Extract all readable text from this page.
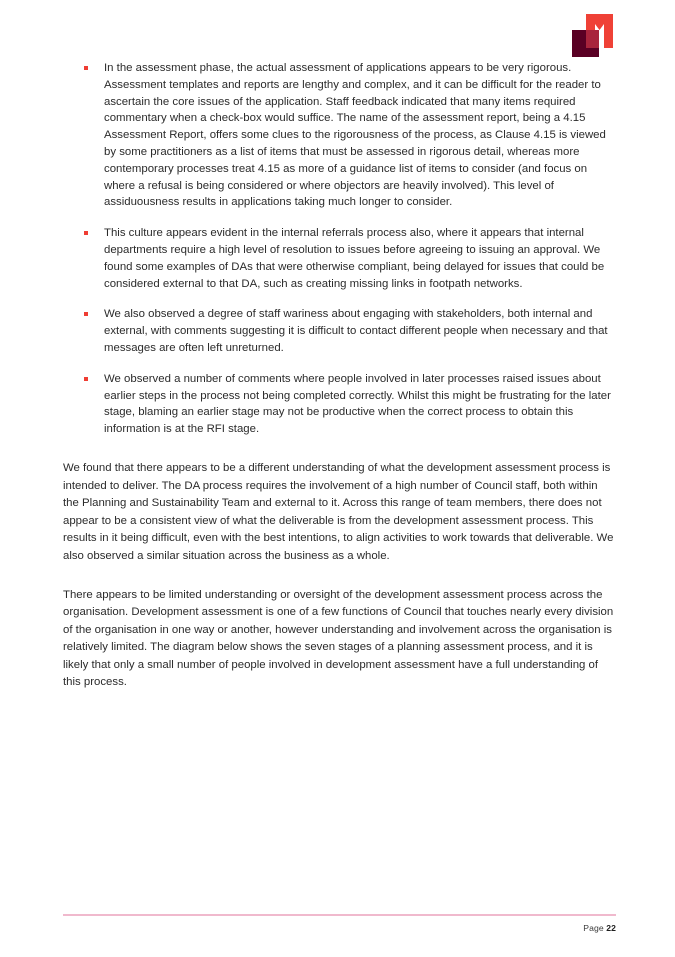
In the assessment phase, the actual assessment of applications appears to be very rigorous. Assessment templates and reports are lengthy and complex, and it can be difficult for the reader to ascertain the core issues of the application. Staff feedback indicated that many items required commentary when a check-box would suffice. The name of the assessment report, being a 4.15 Assessment Report, offers some clues to the rigorousness of the process, as Clause 4.15 is viewed by some practitioners as a list of items that must be assessed in rigorous detail, whereas more contemporary processes treat 4.15 as more of a guidance list of items to consider (and focus on where a refusal is being considered or where objectors are heavily involved). This level of assiduousness results in applications taking much longer to consider.
This culture appears evident in the internal referrals process also, where it appears that internal departments require a high level of resolution to issues before agreeing to issuing an approval. We found some examples of DAs that were otherwise compliant, being delayed for issues that could be considered external to that DA, such as creating missing links in footpath networks.
We also observed a degree of staff wariness about engaging with stakeholders, both internal and external, with comments suggesting it is difficult to contact different people when necessary and that messages are often left unreturned.
We observed a number of comments where people involved in later processes raised issues about earlier steps in the process not being completed correctly. Whilst this might be frustrating for the later stage, blaming an earlier stage may not be productive when the correct process to obtain this information is at the RFI stage.

We found that there appears to be a different understanding of what the development assessment process is intended to deliver. The DA process requires the involvement of a high number of Council staff, both within the Planning and Sustainability Team and external to it. Across this range of team members, there does not appear to be a consistent view of what the deliverable is from the development assessment process. This results in it being difficult, even with the best intentions, to align activities to work towards that deliverable. We also observed a similar situation across the business as a whole.

There appears to be limited understanding or oversight of the development assessment process across the organisation. Development assessment is one of a few functions of Council that touches nearly every division of the organisation in one way or another, however understanding and involvement across the organisation is relatively limited. The diagram below shows the seven stages of a planning assessment process, and it is likely that only a small number of people involved in development assessment have a full understanding of this process.

Page 22
